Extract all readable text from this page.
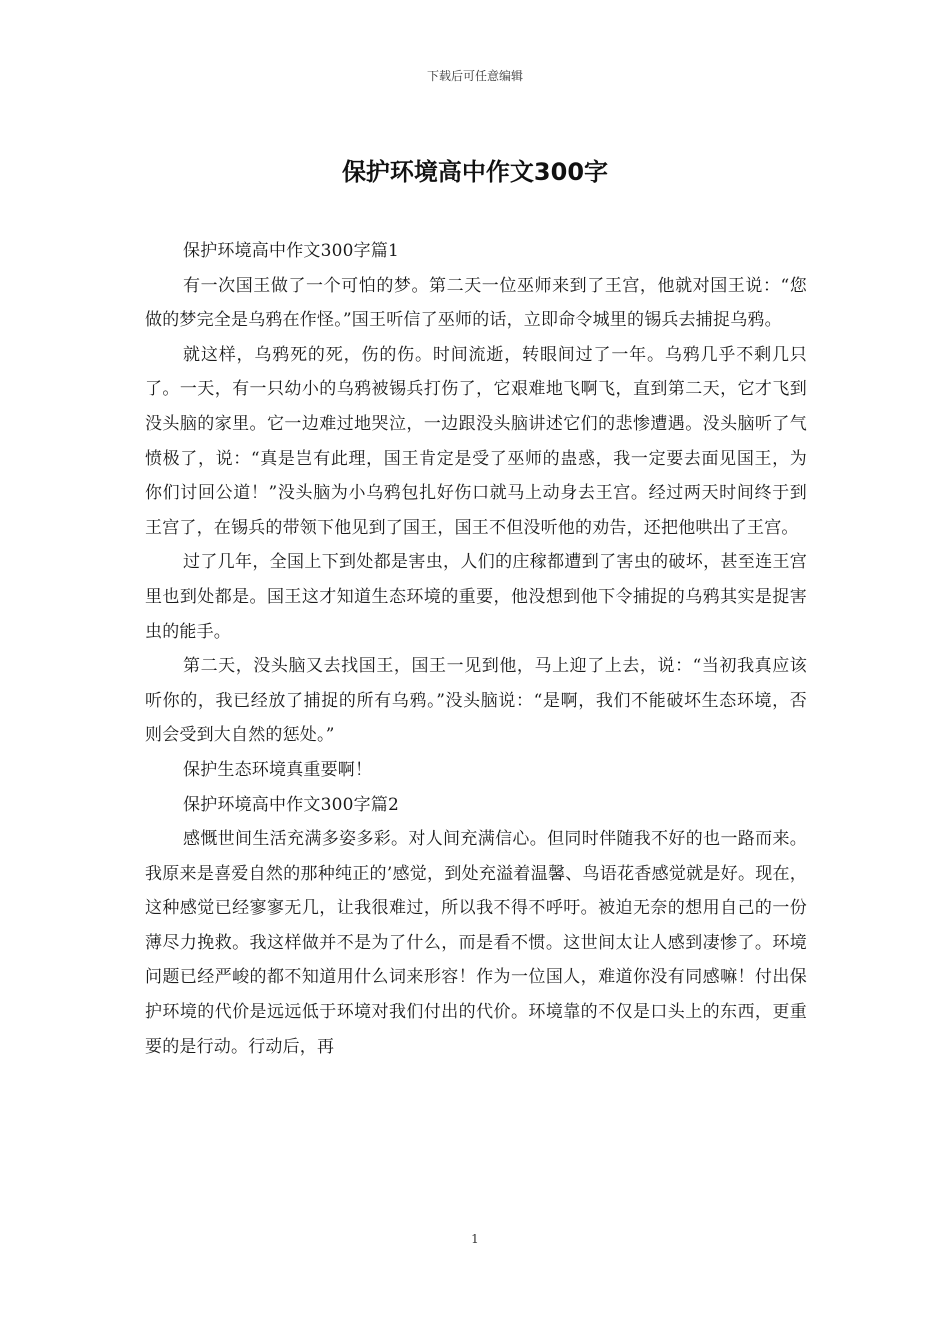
下载后可任意编辑
保护环境高中作文300字

保护环境高中作文300字篇1

有一次国王做了一个可怕的梦。第二天一位巫师来到了王宫，他就对国王说：“您做的梦完全是乌鸦在作怪。”国王听信了巫师的话，立即命令城里的锡兵去捕捉乌鸦。

就这样，乌鸦死的死，伤的伤。时间流逝，转眼间过了一年。乌鸦几乎不剩几只了。一天，有一只幼小的乌鸦被锡兵打伤了，它艰难地飞啊飞，直到第二天，它才飞到没头脑的家里。它一边难过地哭泣，一边跟没头脑讲述它们的悲惨遭遇。没头脑听了气愤极了，说：“真是岂有此理，国王肯定是受了巫师的蛊惑，我一定要去面见国王，为你们讨回公道！”没头脑为小乌鸦包扎好伤口就马上动身去王宫。经过两天时间终于到王宫了，在锡兵的带领下他见到了国王，国王不但没听他的劝告，还把他哄出了王宫。

过了几年，全国上下到处都是害虫，人们的庄稼都遭到了害虫的破坏，甚至连王宫里也到处都是。国王这才知道生态环境的重要，他没想到他下令捕捉的乌鸦其实是捉害虫的能手。

第二天，没头脑又去找国王，国王一见到他，马上迎了上去，说：“当初我真应该听你的，我已经放了捕捉的所有乌鸦。”没头脑说：“是啊，我们不能破坏生态环境，否则会受到大自然的惩处。”

保护生态环境真重要啊！

保护环境高中作文300字篇2

感慨世间生活充满多姿多彩。对人间充满信心。但同时伴随我不好的也一路而来。我原来是喜爱自然的那种纯正的’感觉，到处充溢着温馨、鸟语花香感觉就是好。现在，这种感觉已经寥寥无几，让我很难过，所以我不得不呼吁。被迫无奈的想用自己的一份薄尽力挽救。我这样做并不是为了什么，而是看不惯。这世间太让人感到凄惨了。环境问题已经严峻的都不知道用什么词来形容！作为一位国人，难道你没有同感嘛！付出保护环境的代价是远远低于环境对我们付出的代价。环境靠的不仅是口头上的东西，更重要的是行动。行动后，再

1
